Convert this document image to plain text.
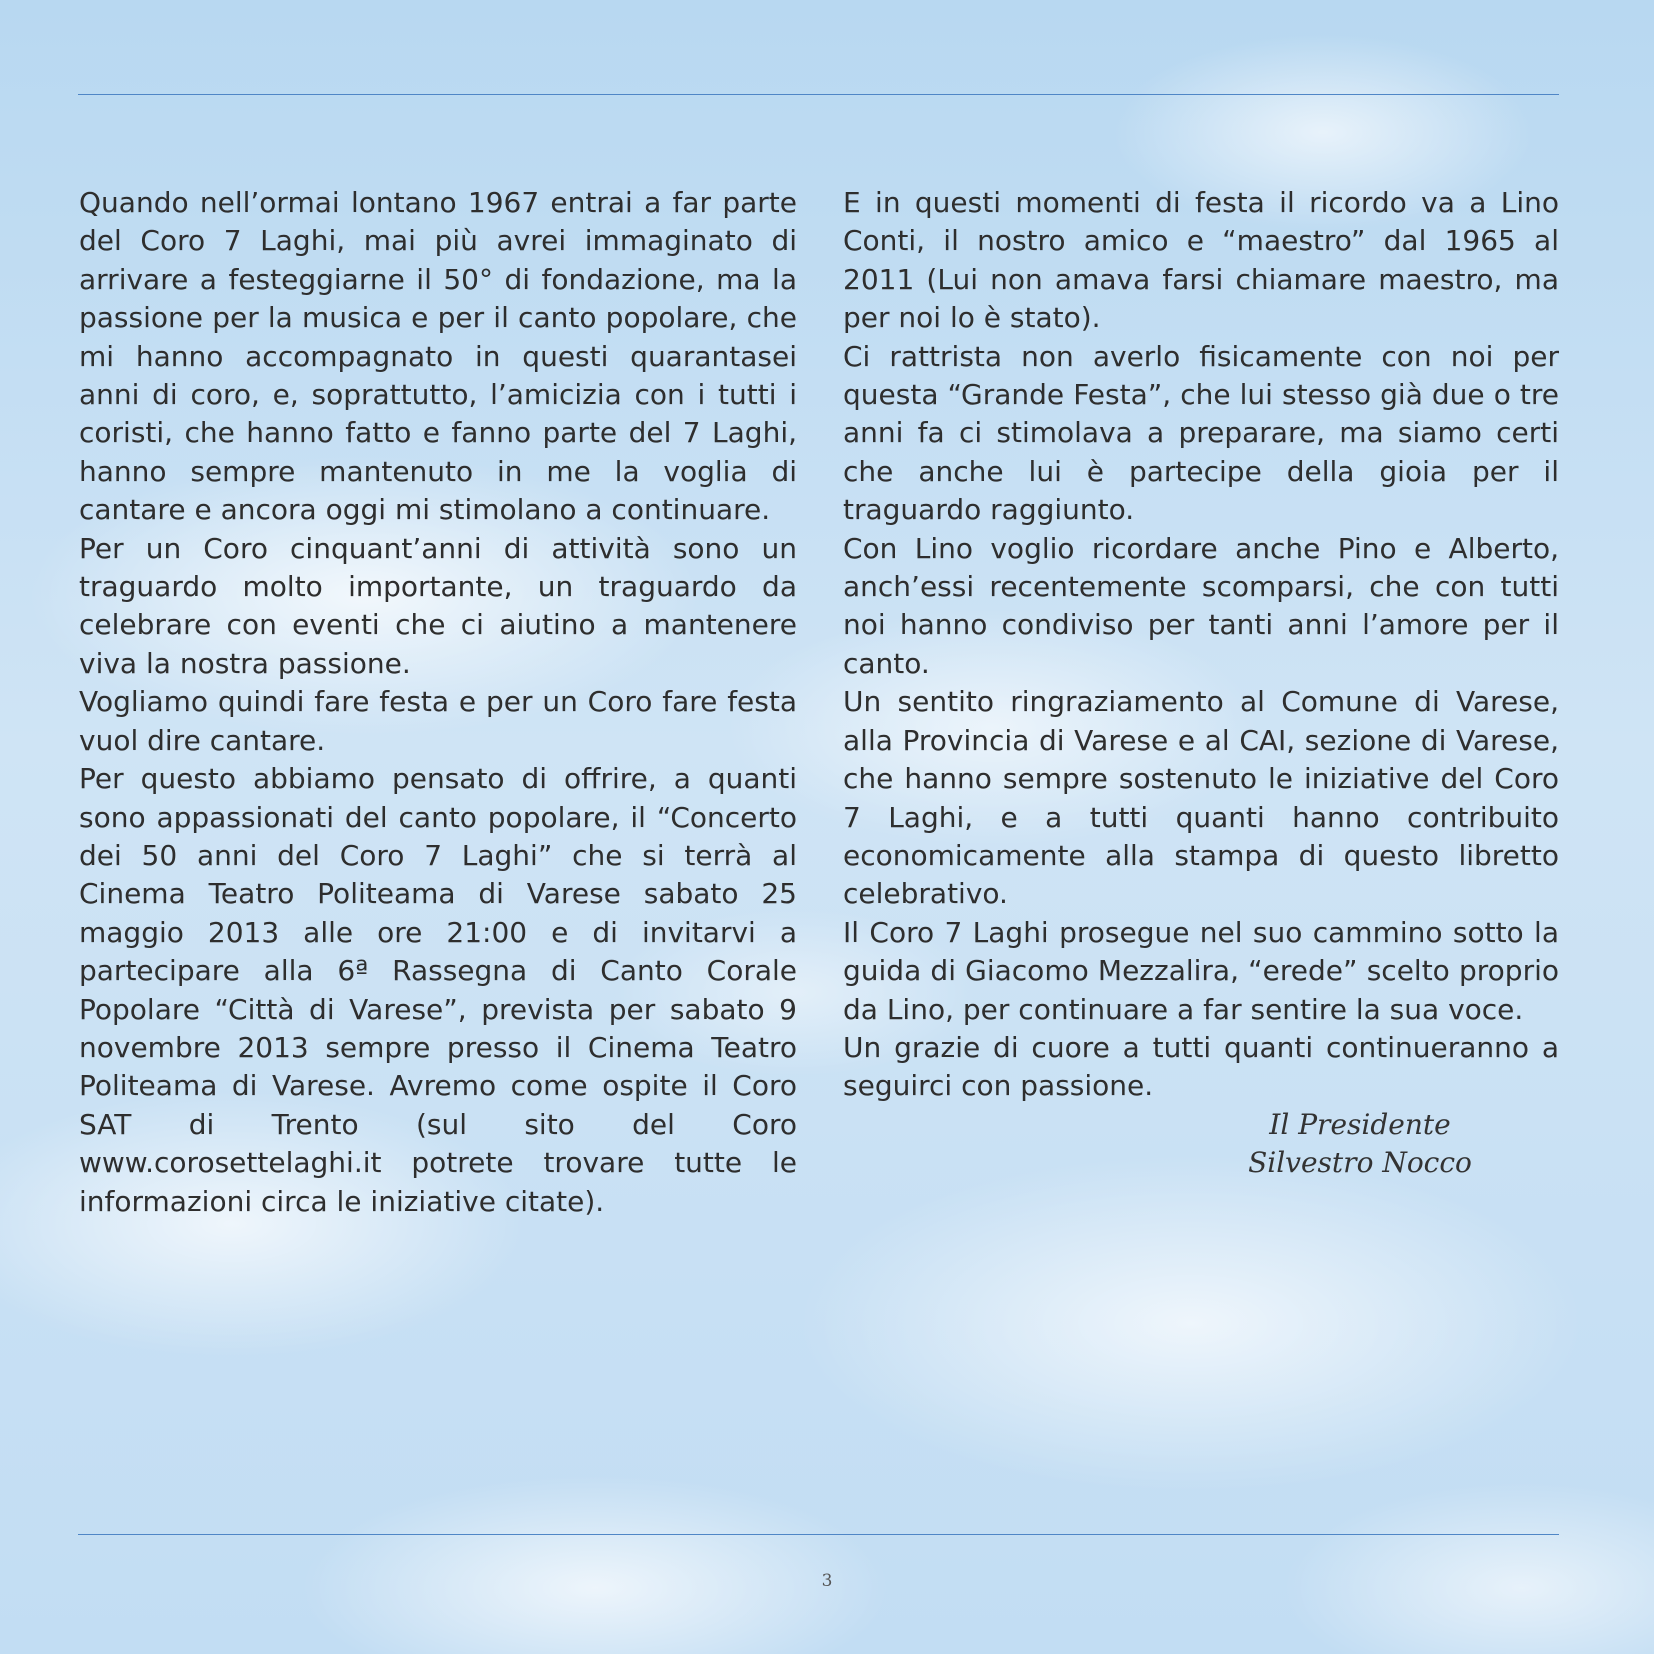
Quando nell’ormai lontano 1967 entrai a far parte del Coro 7 Laghi, mai più avrei immaginato di arrivare a festeggiarne il 50° di fondazione, ma la passione per la musica e per il canto popolare, che mi hanno accompagnato in questi quarantasei anni di coro, e, soprattutto, l’amicizia con i tutti i coristi, che hanno fatto e fanno parte del 7 Laghi, hanno sempre mantenuto in me la voglia di cantare e ancora oggi mi stimolano a continuare.

Per un Coro cinquant’anni di attività sono un traguardo molto importante, un traguardo da celebrare con eventi che ci aiutino a mantenere viva la nostra passione.

Vogliamo quindi fare festa e per un Coro fare festa vuol dire cantare.

Per questo abbiamo pensato di offrire, a quanti sono appassionati del canto popolare, il “Concerto dei 50 anni del Coro 7 Laghi” che si terrà al Cinema Teatro Politeama di Varese sabato 25 maggio 2013 alle ore 21:00 e di invitarvi a partecipare alla 6ª Rassegna di Canto Corale Popolare “Città di Varese”, prevista per sabato 9 novembre 2013 sempre presso il Cinema Teatro Politeama di Varese. Avremo come ospite il Coro SAT di Trento (sul sito del Coro www.corosettelaghi.it potrete trovare tutte le informazioni circa le iniziative citate).

E in questi momenti di festa il ricordo va a Lino Conti, il nostro amico e “maestro” dal 1965 al 2011 (Lui non amava farsi chiamare maestro, ma per noi lo è stato).

Ci rattrista non averlo fisicamente con noi per questa “Grande Festa”, che lui stesso già due o tre anni fa ci stimolava a preparare, ma siamo certi che anche lui è partecipe della gioia per il traguardo raggiunto.

Con Lino voglio ricordare anche Pino e Alberto, anch’essi recentemente scomparsi, che con tutti noi hanno condiviso per tanti anni l’amore per il canto.

Un sentito ringraziamento al Comune di Varese, alla Provincia di Varese e al CAI, sezione di Varese, che hanno sempre sostenuto le iniziative del Coro 7 Laghi, e a tutti quanti hanno contribuito economicamente alla stampa di questo libretto celebrativo.

Il Coro 7 Laghi prosegue nel suo cammino sotto la guida di Giacomo Mezzalira, “erede” scelto proprio da Lino, per continuare a far sentire la sua voce.

Un grazie di cuore a tutti quanti continueranno a seguirci con passione.

Il Presidente
Silvestro Nocco
3
